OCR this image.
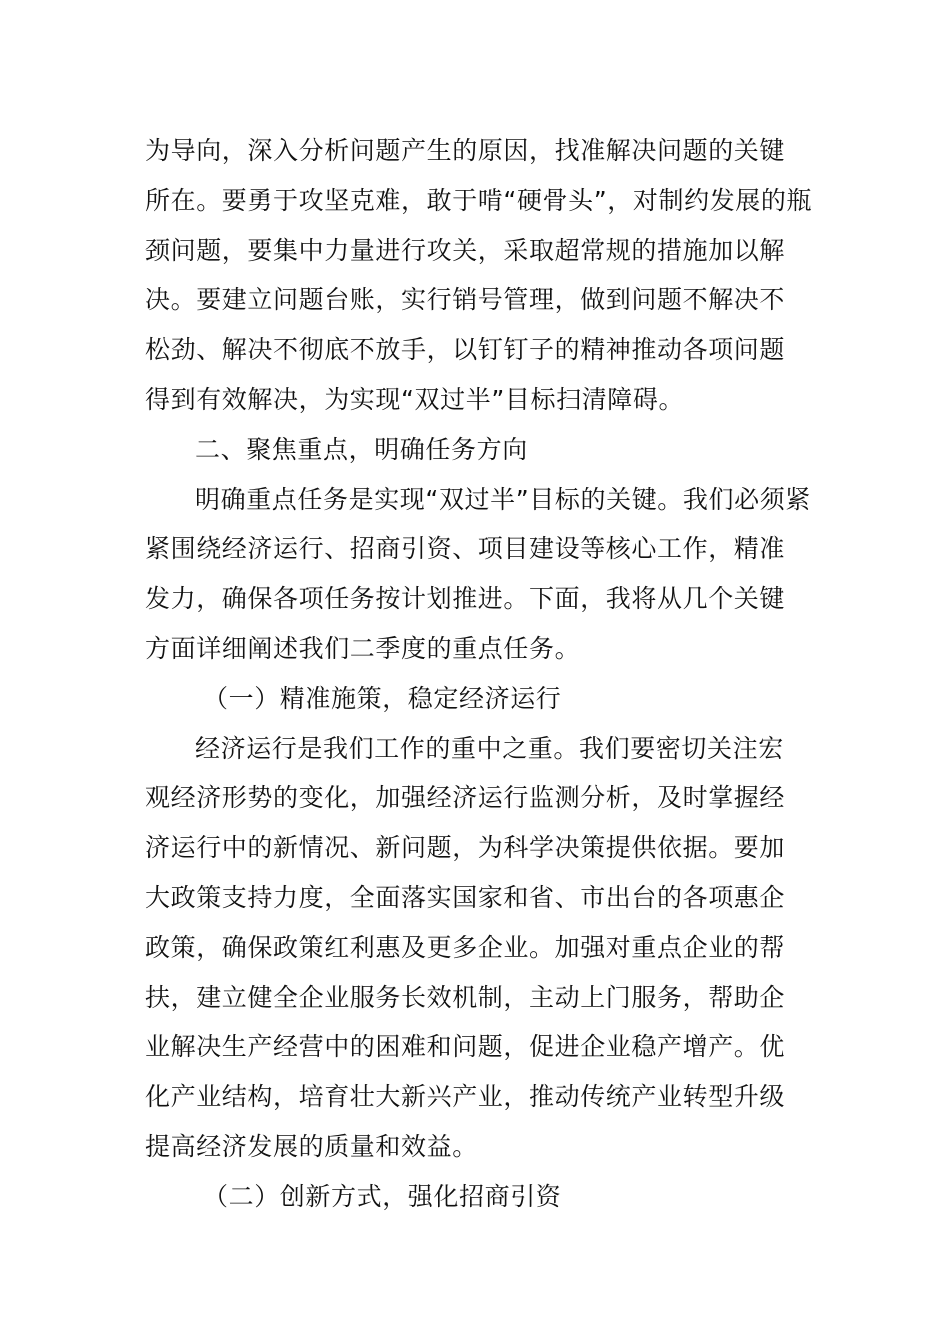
为导向，深入分析问题产生的原因，找准解决问题的关键
所在。要勇于攻坚克难，敢于啃“硬骨头”，对制约发展的瓶
颈问题，要集中力量进行攻关，采取超常规的措施加以解
决。要建立问题台账，实行销号管理，做到问题不解决不
松劲、解决不彻底不放手，以钉钉子的精神推动各项问题
得到有效解决，为实现“双过半”目标扫清障碍。
二、聚焦重点，明确任务方向
明确重点任务是实现“双过半”目标的关键。我们必须紧
紧围绕经济运行、招商引资、项目建设等核心工作，精准
发力，确保各项任务按计划推进。下面，我将从几个关键
方面详细阐述我们二季度的重点任务。
（一）精准施策，稳定经济运行
经济运行是我们工作的重中之重。我们要密切关注宏
观经济形势的变化，加强经济运行监测分析，及时掌握经
济运行中的新情况、新问题，为科学决策提供依据。要加
大政策支持力度，全面落实国家和省、市出台的各项惠企
政策，确保政策红利惠及更多企业。加强对重点企业的帮
扶，建立健全企业服务长效机制，主动上门服务，帮助企
业解决生产经营中的困难和问题，促进企业稳产增产。优
化产业结构，培育壮大新兴产业，推动传统产业转型升级
提高经济发展的质量和效益。
（二）创新方式，强化招商引资
